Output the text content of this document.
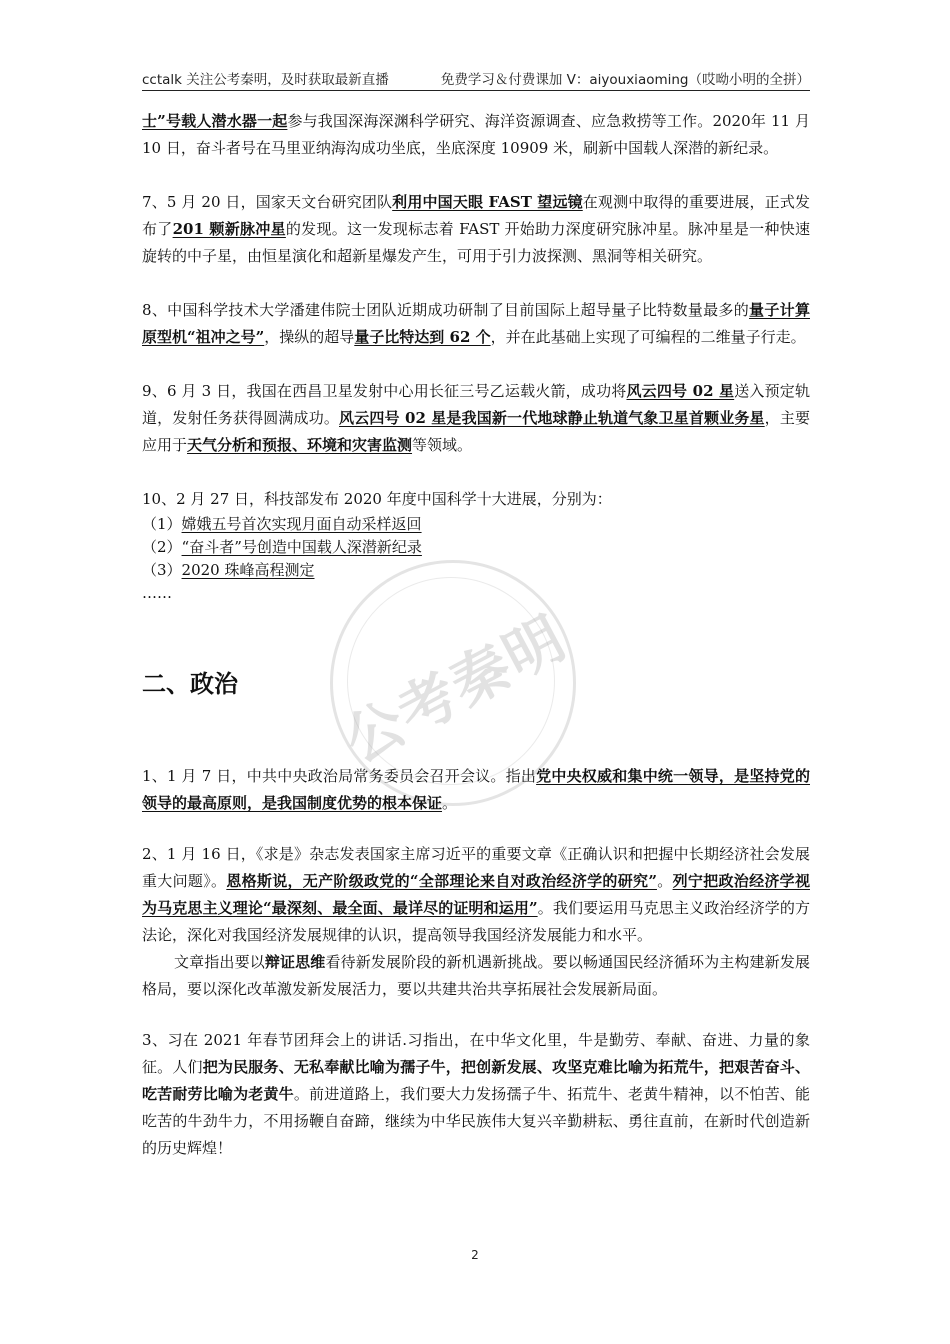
cctalk 关注公考秦明，及时获取最新直播	免费学习＆付费课加 V：aiyouxiaoming（哎呦小明的全拼）
公考秦明

士”号载人潜水器一起参与我国深海深渊科学研究、海洋资源调查、应急救捞等工作。2020年 11 月 10 日，奋斗者号在马里亚纳海沟成功坐底，坐底深度 10909 米，刷新中国载人深潜的新纪录。

7、5 月 20 日，国家天文台研究团队利用中国天眼 FAST 望远镜在观测中取得的重要进展，正式发布了201 颗新脉冲星的发现。这一发现标志着 FAST 开始助力深度研究脉冲星。脉冲星是一种快速旋转的中子星，由恒星演化和超新星爆发产生，可用于引力波探测、黑洞等相关研究。

8、中国科学技术大学潘建伟院士团队近期成功研制了目前国际上超导量子比特数量最多的量子计算原型机“祖冲之号”，操纵的超导量子比特达到 62 个，并在此基础上实现了可编程的二维量子行走。

9、6 月 3 日，我国在西昌卫星发射中心用长征三号乙运载火箭，成功将风云四号 02 星送入预定轨道，发射任务获得圆满成功。风云四号 02 星是我国新一代地球静止轨道气象卫星首颗业务星，主要应用于天气分析和预报、环境和灾害监测等领域。

10、2 月 27 日，科技部发布 2020 年度中国科学十大进展，分别为：

（1）嫦娥五号首次实现月面自动采样返回

（2）“奋斗者”号创造中国载人深潜新纪录

（3）2020 珠峰高程测定

……

二、政治

1、1 月 7 日，中共中央政治局常务委员会召开会议。指出党中央权威和集中统一领导，是坚持党的领导的最高原则，是我国制度优势的根本保证。

2、1 月 16 日，《求是》杂志发表国家主席习近平的重要文章《正确认识和把握中长期经济社会发展重大问题》。恩格斯说，无产阶级政党的“全部理论来自对政治经济学的研究”。列宁把政治经济学视为马克思主义理论“最深刻、最全面、最详尽的证明和运用”。我们要运用马克思主义政治经济学的方法论，深化对我国经济发展规律的认识，提高领导我国经济发展能力和水平。

文章指出要以辩证思维看待新发展阶段的新机遇新挑战。要以畅通国民经济循环为主构建新发展格局，要以深化改革激发新发展活力，要以共建共治共享拓展社会发展新局面。

3、习在 2021 年春节团拜会上的讲话.习指出，在中华文化里，牛是勤劳、奉献、奋进、力量的象征。人们把为民服务、无私奉献比喻为孺子牛，把创新发展、攻坚克难比喻为拓荒牛，把艰苦奋斗、吃苦耐劳比喻为老黄牛。前进道路上，我们要大力发扬孺子牛、拓荒牛、老黄牛精神，以不怕苦、能吃苦的牛劲牛力，不用扬鞭自奋蹄，继续为中华民族伟大复兴辛勤耕耘、勇往直前，在新时代创造新的历史辉煌！

2
